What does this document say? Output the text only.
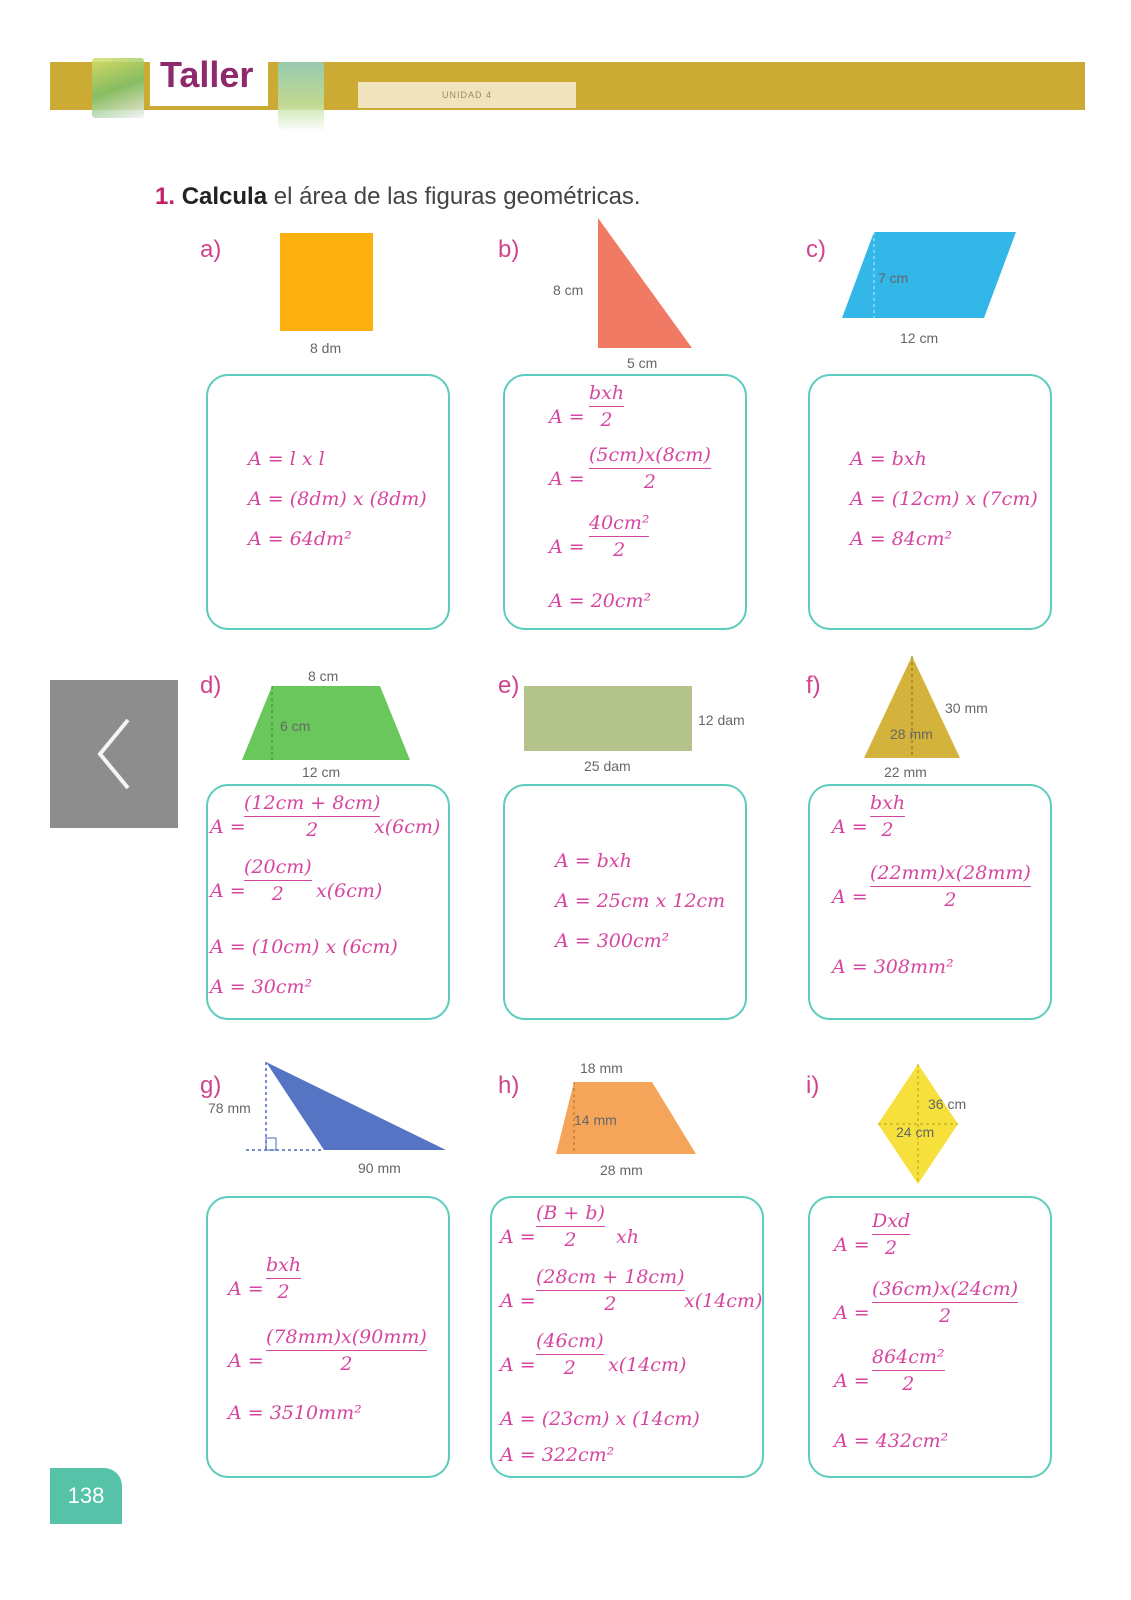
UNIDAD 4
Taller
1. Calcula el área de las figuras geométricas.
a)
8 dm
A = l x l
A = (8dm) x (8dm)
A = 64dm²
b)
8 cm
5 cm
A =
bxh
2
A =
(5cm)x(8cm)
2
A =
40cm²
2
A = 20cm²
c)
7 cm
12 cm
A = bxh
A = (12cm) x (7cm)
A = 84cm²
d)	8 cm
6 cm
12 cm
A =
(12cm + 8cm)
2	x(6cm)
A =
(20cm)
2	x(6cm)
A = (10cm) x (6cm)
A = 30cm²
e)
12 dam
25 dam
A = bxh
A = 25cm x 12cm
A = 300cm²
f)
30 mm
28 mm
22 mm
A =
bxh
2
A =
(22mm)x(28mm)
2
A = 308mm²
g)
78 mm
90 mm
A =
bxh
2
A =
(78mm)x(90mm)
2
A = 3510mm²
h)
18 mm
14 mm
28 mm
A =
(B + b)
2	xh
A =
(28cm + 18cm)
2	x(14cm)
A =
(46cm)
2	x(14cm)
A = (23cm) x (14cm)
A = 322cm²
i)
36 cm
24 cm
A =
Dxd
2
A =
(36cm)x(24cm)
2
A =
864cm²
2
A = 432cm²
138
